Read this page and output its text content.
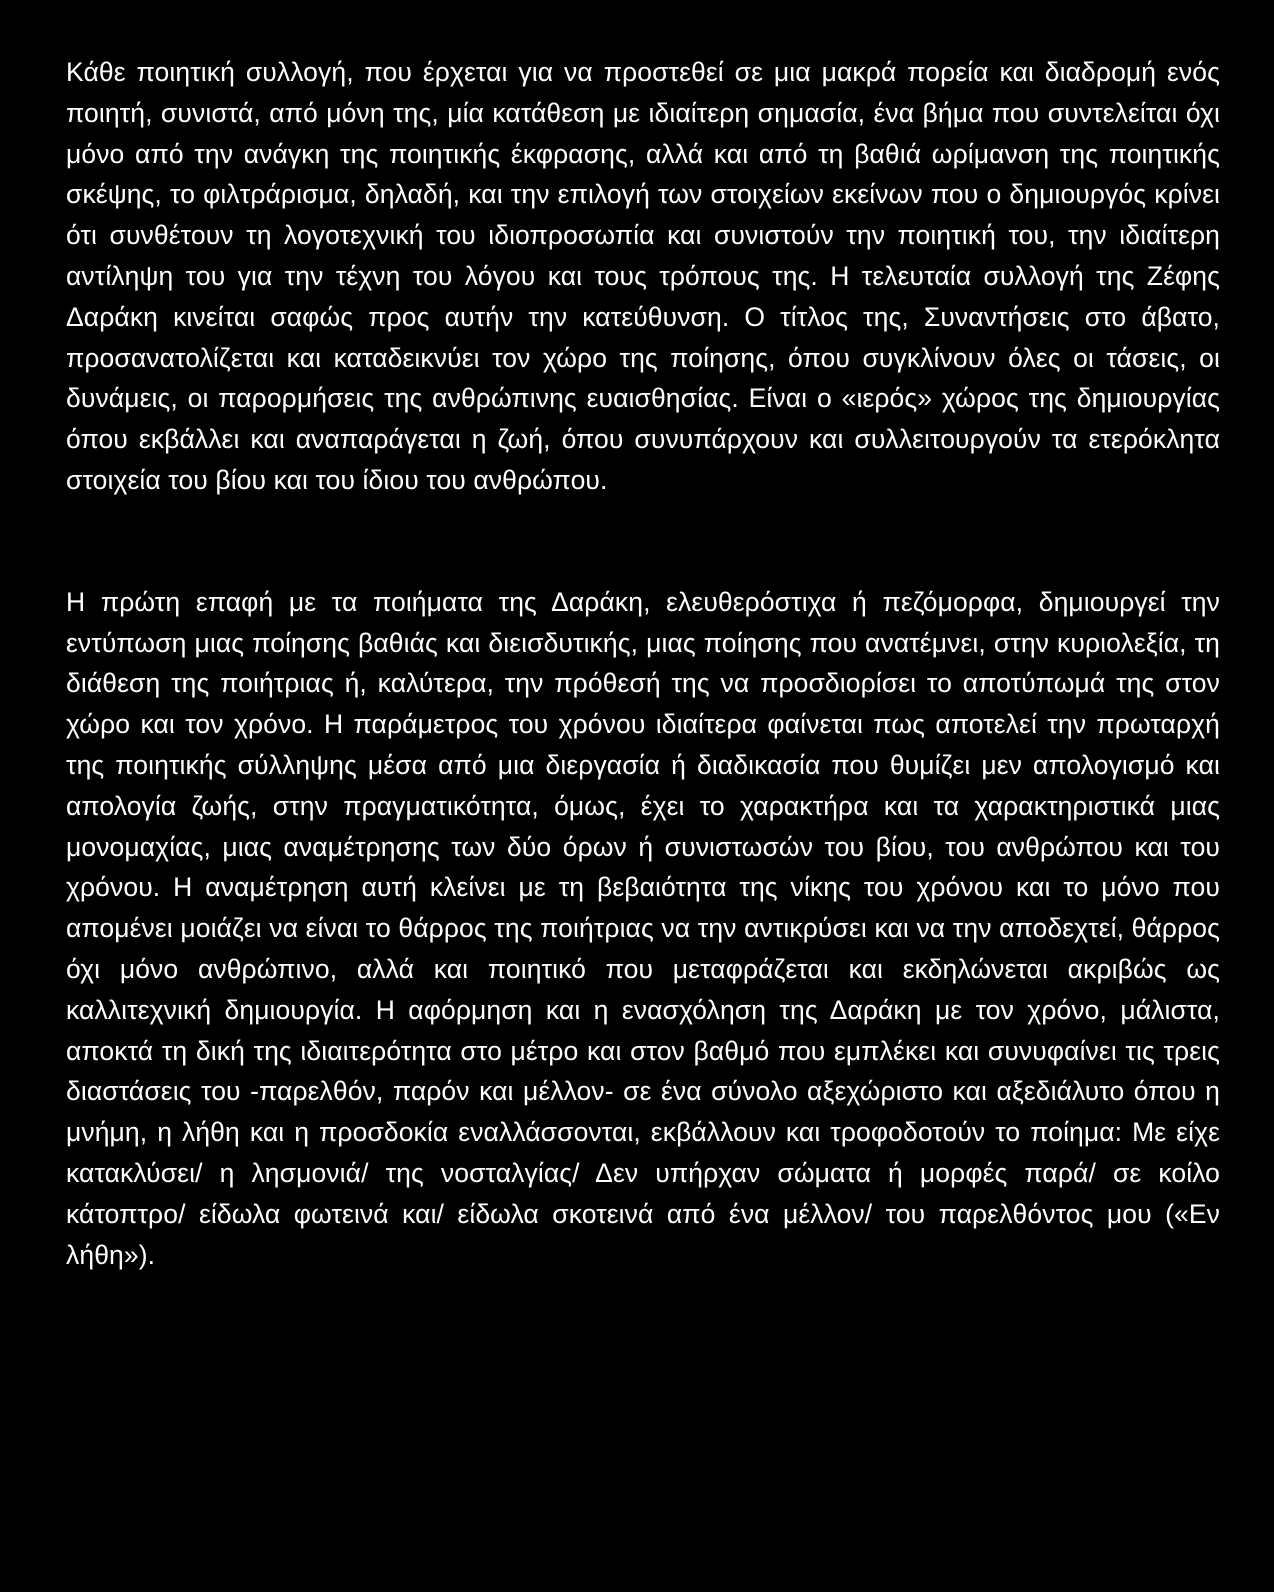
Κάθε ποιητική συλλογή, που έρχεται για να προστεθεί σε μια μακρά πορεία και διαδρομή ενός ποιητή, συνιστά, από μόνη της, μία κατάθεση με ιδιαίτερη σημασία, ένα βήμα που συντελείται όχι μόνο από την ανάγκη της ποιητικής έκφρασης, αλλά και από τη βαθιά ωρίμανση της ποιητικής σκέψης, το φιλτράρισμα, δηλαδή, και την επιλογή των στοιχείων εκείνων που ο δημιουργός κρίνει ότι συνθέτουν τη λογοτεχνική του ιδιοπροσωπία και συνιστούν την ποιητική του, την ιδιαίτερη αντίληψη του για την τέχνη του λόγου και τους τρόπους της. Η τελευταία συλλογή της Ζέφης Δαράκη κινείται σαφώς προς αυτήν την κατεύθυνση. Ο τίτλος της, Συναντήσεις στο άβατο, προσανατολίζεται και καταδεικνύει τον χώρο της ποίησης, όπου συγκλίνουν όλες οι τάσεις, οι δυνάμεις, οι παρορμήσεις της ανθρώπινης ευαισθησίας. Είναι ο «ιερός» χώρος της δημιουργίας όπου εκβάλλει και αναπαράγεται η ζωή, όπου συνυπάρχουν και συλλειτουργούν τα ετερόκλητα στοιχεία του βίου και του ίδιου του ανθρώπου.

Η πρώτη επαφή με τα ποιήματα της Δαράκη, ελευθερόστιχα ή πεζόμορφα, δημιουργεί την εντύπωση μιας ποίησης βαθιάς και διεισδυτικής, μιας ποίησης που ανατέμνει, στην κυριολεξία, τη διάθεση της ποιήτριας ή, καλύτερα, την πρόθεσή της να προσδιορίσει το αποτύπωμά της στον χώρο και τον χρόνο. Η παράμετρος του χρόνου ιδιαίτερα φαίνεται πως αποτελεί την πρωταρχή της ποιητικής σύλληψης μέσα από μια διεργασία ή διαδικασία που θυμίζει μεν απολογισμό και απολογία ζωής, στην πραγματικότητα, όμως, έχει το χαρακτήρα και τα χαρακτηριστικά μιας μονομαχίας, μιας αναμέτρησης των δύο όρων ή συνιστωσών του βίου, του ανθρώπου και του χρόνου. Η αναμέτρηση αυτή κλείνει με τη βεβαιότητα της νίκης του χρόνου και το μόνο που απομένει μοιάζει να είναι το θάρρος της ποιήτριας να την αντικρύσει και να την αποδεχτεί, θάρρος όχι μόνο ανθρώπινο, αλλά και ποιητικό που μεταφράζεται και εκδηλώνεται ακριβώς ως καλλιτεχνική δημιουργία. Η αφόρμηση και η ενασχόληση της Δαράκη με τον χρόνο, μάλιστα, αποκτά τη δική της ιδιαιτερότητα στο μέτρο και στον βαθμό που εμπλέκει και συνυφαίνει τις τρεις διαστάσεις του -παρελθόν, παρόν και μέλλον- σε ένα σύνολο αξεχώριστο και αξεδιάλυτο όπου η μνήμη, η λήθη και η προσδοκία εναλλάσσονται, εκβάλλουν και τροφοδοτούν το ποίημα: Με είχε κατακλύσει/ η λησμονιά/ της νοσταλγίας/ Δεν υπήρχαν σώματα ή μορφές παρά/ σε κοίλο κάτοπτρο/ είδωλα φωτεινά και/ είδωλα σκοτεινά από ένα μέλλον/ του παρελθόντος μου («Εν λήθη»).
